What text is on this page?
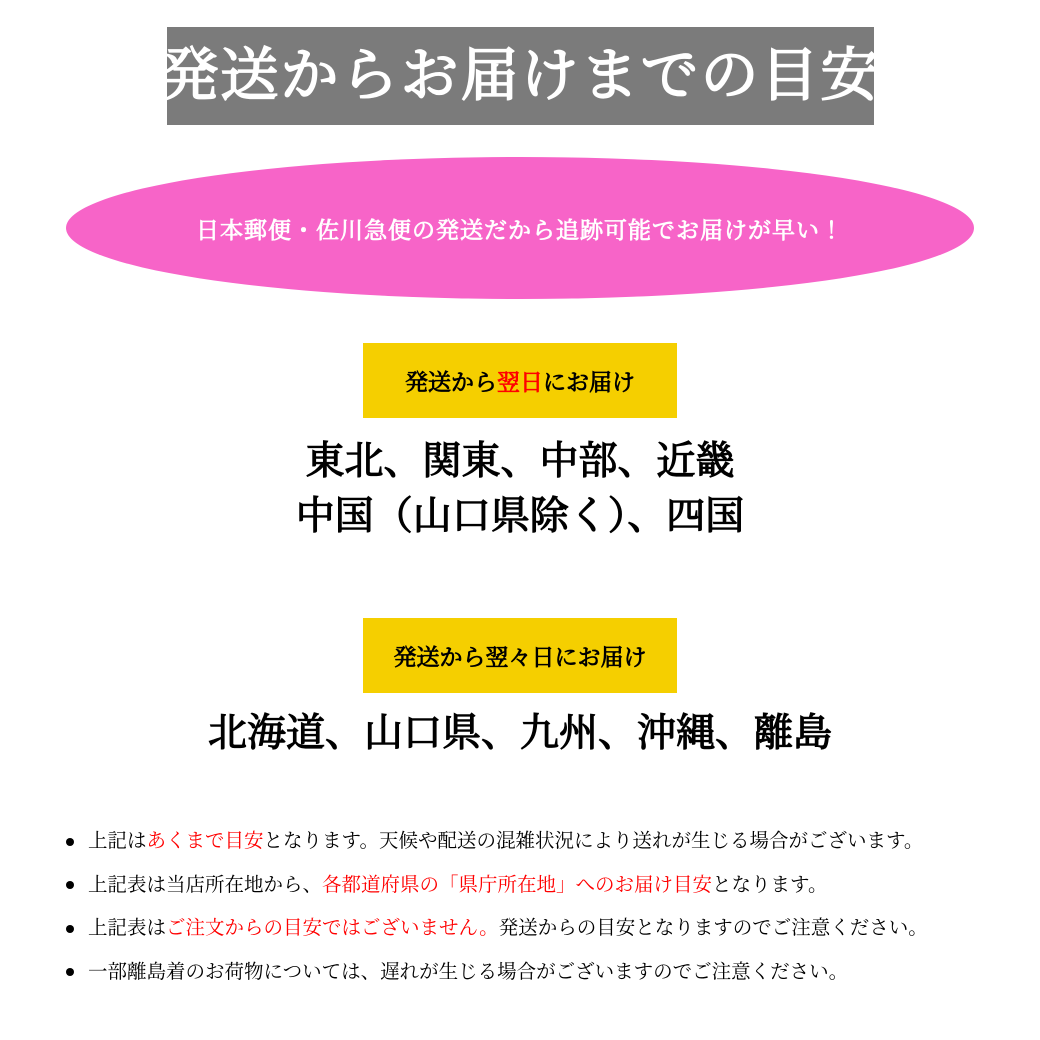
発送からお届けまでの目安
日本郵便・佐川急便の発送だから追跡可能でお届けが早い！
発送から翌日にお届け
東北、関東、中部、近畿
中国（山口県除く）、四国
発送から翌々日にお届け
北海道、山口県、九州、沖縄、離島
上記はあくまで目安となります。天候や配送の混雑状況により送れが生じる場合がございます。
上記表は当店所在地から、各都道府県の「県庁所在地」へのお届け目安となります。
上記表はご注文からの目安ではございません。発送からの目安となりますのでご注意ください。
一部離島着のお荷物については、遅れが生じる場合がございますのでご注意ください。
